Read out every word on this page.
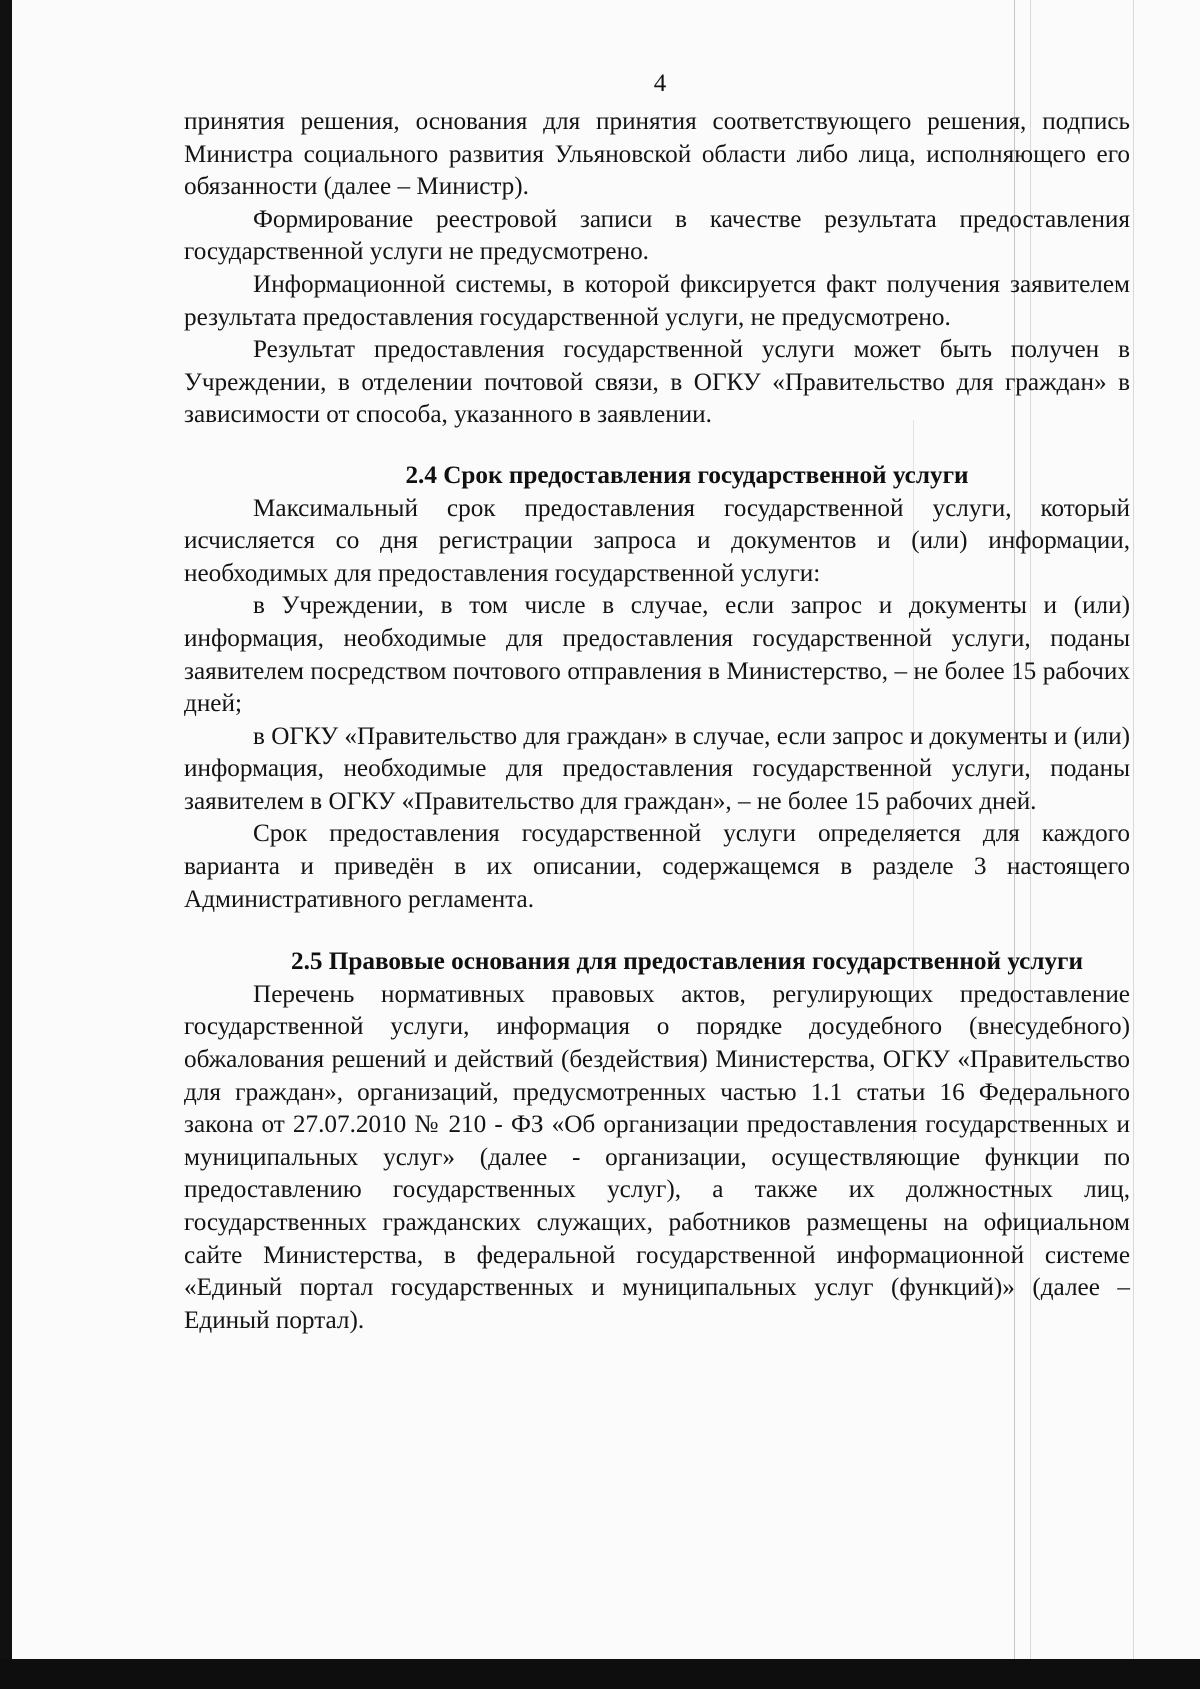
4

принятия решения, основания для принятия соответствующего решения, подпись Министра социального развития Ульяновской области либо лица, исполняющего его обязанности (далее – Министр).

Формирование реестровой записи в качестве результата предоставления государственной услуги не предусмотрено.

Информационной системы, в которой фиксируется факт получения заявителем результата предоставления государственной услуги, не предусмотрено.

Результат предоставления государственной услуги может быть получен в Учреждении, в отделении почтовой связи, в ОГКУ «Правительство для граждан» в зависимости от способа, указанного в заявлении.

2.4 Срок предоставления государственной услуги

Максимальный срок предоставления государственной услуги, который исчисляется со дня регистрации запроса и документов и (или) информации, необходимых для предоставления государственной услуги:

в Учреждении, в том числе в случае, если запрос и документы и (или) информация, необходимые для предоставления государственной услуги, поданы заявителем посредством почтового отправления в Министерство, – не более 15 рабочих дней;

в ОГКУ «Правительство для граждан» в случае, если запрос и документы и (или) информация, необходимые для предоставления государственной услуги, поданы заявителем в ОГКУ «Правительство для граждан», – не более 15 рабочих дней.

Срок предоставления государственной услуги определяется для каждого варианта и приведён в их описании, содержащемся в разделе 3 настоящего Административного регламента.

2.5 Правовые основания для предоставления государственной услуги

Перечень нормативных правовых актов, регулирующих предоставление государственной услуги, информация о порядке досудебного (внесудебного) обжалования решений и действий (бездействия) Министерства, ОГКУ «Правительство для граждан», организаций, предусмотренных частью 1.1 статьи 16 Федерального закона от 27.07.2010 № 210 - ФЗ «Об организации предоставления государственных и муниципальных услуг» (далее - организации, осуществляющие функции по предоставлению государственных услуг), а также их должностных лиц, государственных гражданских служащих, работников размещены на официальном сайте Министерства, в федеральной государственной информационной системе «Единый портал государственных и муниципальных услуг (функций)» (далее – Единый портал).
